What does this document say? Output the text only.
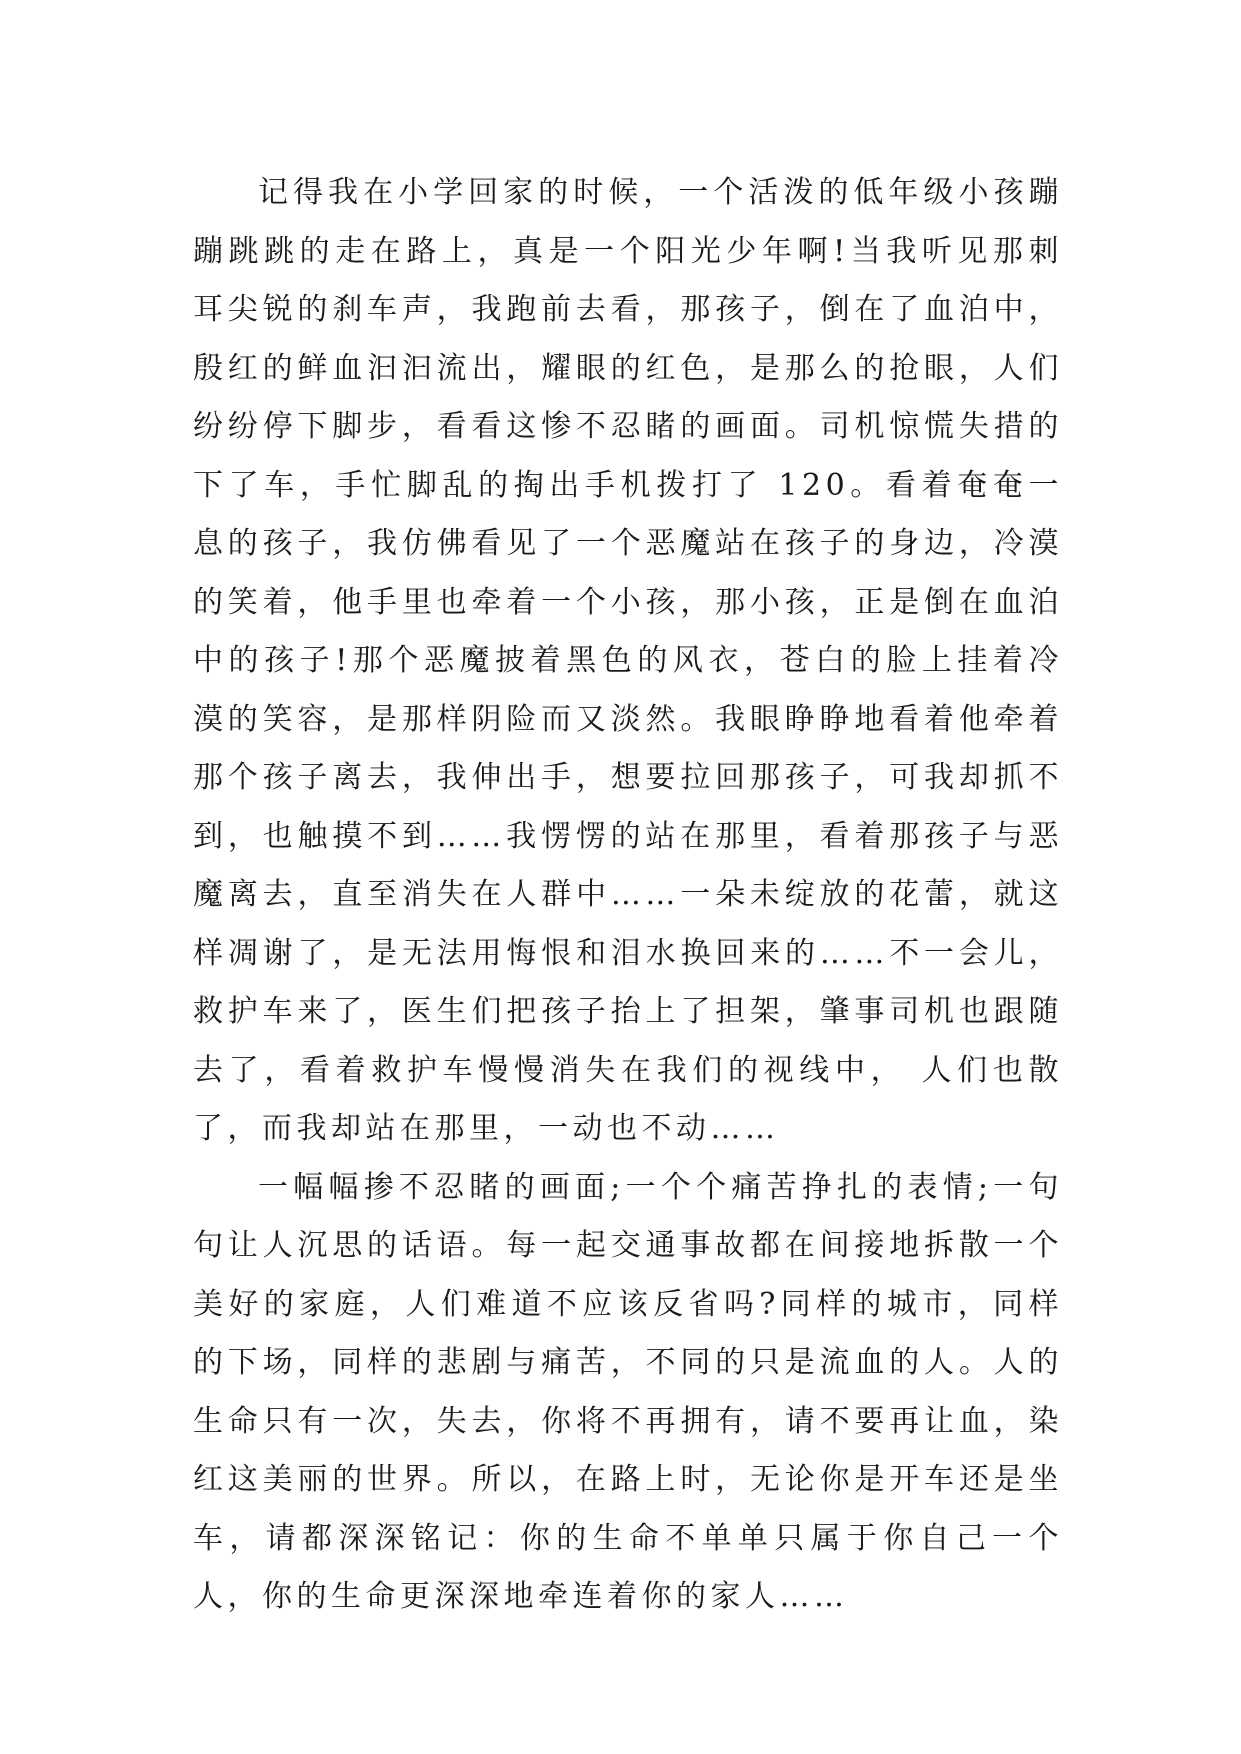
记得我在小学回家的时候，一个活泼的低年级小孩蹦蹦跳跳的走在路上，真是一个阳光少年啊!当我听见那刺耳尖锐的刹车声，我跑前去看，那孩子，倒在了血泊中，殷红的鲜血汩汩流出，耀眼的红色，是那么的抢眼，人们纷纷停下脚步，看看这惨不忍睹的画面。司机惊慌失措的下了车，手忙脚乱的掏出手机拨打了 120。看着奄奄一息的孩子，我仿佛看见了一个恶魔站在孩子的身边，冷漠的笑着，他手里也牵着一个小孩，那小孩，正是倒在血泊中的孩子!那个恶魔披着黑色的风衣，苍白的脸上挂着冷漠的笑容，是那样阴险而又淡然。我眼睁睁地看着他牵着那个孩子离去，我伸出手，想要拉回那孩子，可我却抓不到，也触摸不到……我愣愣的站在那里，看着那孩子与恶魔离去，直至消失在人群中……一朵未绽放的花蕾，就这样凋谢了，是无法用悔恨和泪水换回来的……不一会儿，救护车来了，医生们把孩子抬上了担架，肇事司机也跟随去了，看着救护车慢慢消失在我们的视线中， 人们也散了，而我却站在那里，一动也不动……

一幅幅掺不忍睹的画面;一个个痛苦挣扎的表情;一句句让人沉思的话语。每一起交通事故都在间接地拆散一个美好的家庭，人们难道不应该反省吗?同样的城市，同样的下场，同样的悲剧与痛苦，不同的只是流血的人。人的生命只有一次，失去，你将不再拥有，请不要再让血，染红这美丽的世界。所以，在路上时，无论你是开车还是坐车，请都深深铭记：你的生命不单单只属于你自己一个人，你的生命更深深地牵连着你的家人……
